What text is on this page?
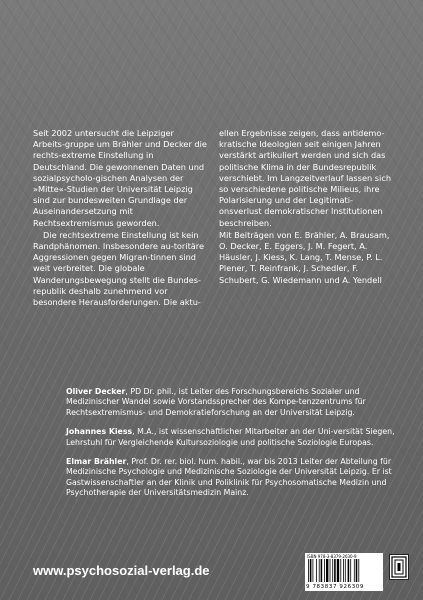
Seit 2002 untersucht die Leipziger Arbeits-gruppe um Brähler und Decker die rechts-extreme Einstellung in Deutschland. Die gewonnenen Daten und sozialpsycholo-gischen Analysen der »Mitte«-Studien der Universität Leipzig sind zur bundesweiten Grundlage der Auseinandersetzung mit Rechtsextremismus geworden.

Die rechtsextreme Einstellung ist kein Randphänomen. Insbesondere au-toritäre Aggressionen gegen Migran-tinnen sind weit verbreitet. Die globale Wanderungsbewegung stellt die Bundes-republik deshalb zunehmend vor besondere Herausforderungen. Die aktu-

ellen Ergebnisse zeigen, dass antidemo-kratische Ideologien seit einigen Jahren verstärkt artikuliert werden und sich das politische Klima in der Bundesrepublik verschiebt. Im Langzeitverlauf lassen sich so verschiedene politische Milieus, ihre Polarisierung und der Legitimati-onsverlust demokratischer Institutionen beschreiben.

Mit Beiträgen von E. Brähler, A. Brausam, O. Decker, E. Eggers, J. M. Fegert, A. Häusler, J. Kiess, K. Lang, T. Mense, P. L. Plener, T. Reinfrank, J. Schedler, F. Schubert, G. Wiedemann und A. Yendell

Oliver Decker, PD Dr. phil., ist Leiter des Forschungsbereichs Sozialer und Medizinischer Wandel sowie Vorstandssprecher des Kompe-tenzzentrums für Rechtsextremismus- und Demokratieforschung an der Universität Leipzig.

Johannes Kiess, M.A., ist wissenschaftlicher Mitarbeiter an der Uni-versität Siegen, Lehrstuhl für Vergleichende Kultursoziologie und politische Soziologie Europas.

Elmar Brähler, Prof. Dr. rer. biol. hum. habil., war bis 2013 Leiter der Abteilung für Medizinische Psychologie und Medizinische Soziologie der Universität Leipzig. Er ist Gastwissenschaftler an der Klinik und Poliklinik für Psychosomatische Medizin und Psychotherapie der Universitätsmedizin Mainz.

www.psychosozial-verlag.de
ISBN 978-3-8379-2630-9
9 783837 926309
